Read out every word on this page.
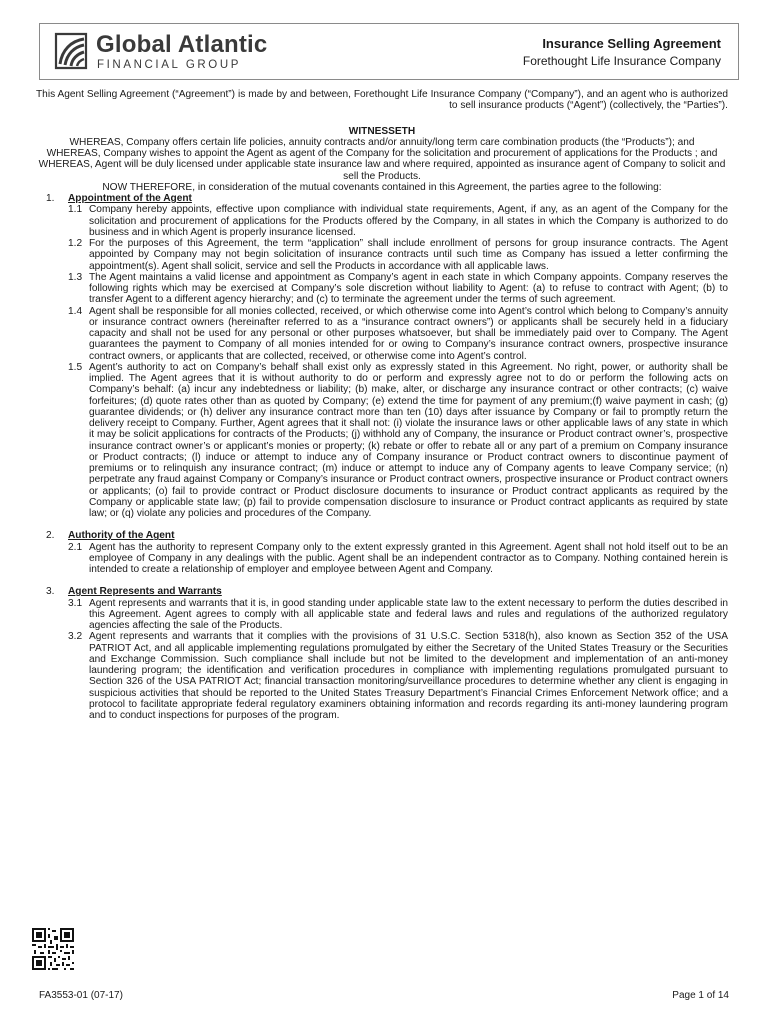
Global Atlantic
FINANCIAL GROUP
Insurance Selling Agreement
Forethought Life Insurance Company

This Agent Selling Agreement (“Agreement”) is made by and between, Forethought Life Insurance Company (“Company”), and an agent who is authorized to sell insurance products (“Agent”) (collectively, the “Parties”).

WITNESSETH
WHEREAS, Company offers certain life policies, annuity contracts and/or annuity/long term care combination products (the “Products”); and
WHEREAS, Company wishes to appoint the Agent as agent of the Company for the solicitation and procurement of applications for the Products ; and
WHEREAS, Agent will be duly licensed under applicable state insurance law and where required, appointed as insurance agent of Company to solicit and sell the Products.
NOW THEREFORE, in consideration of the mutual covenants contained in this Agreement, the parties agree to the following:
1. Appointment of the Agent
1.1 Company hereby appoints, effective upon compliance with individual state requirements, Agent, if any, as an agent of the Company for the solicitation and procurement of applications for the Products offered by the Company, in all states in which the Company is authorized to do business and in which Agent is properly insurance licensed.
1.2 For the purposes of this Agreement, the term “application” shall include enrollment of persons for group insurance contracts. The Agent appointed by Company may not begin solicitation of insurance contracts until such time as Company has issued a letter confirming the appointment(s). Agent shall solicit, service and sell the Products in accordance with all applicable laws.
1.3 The Agent maintains a valid license and appointment as Company’s agent in each state in which Company appoints. Company reserves the following rights which may be exercised at Company’s sole discretion without liability to Agent: (a) to refuse to contract with Agent; (b) to transfer Agent to a different agency hierarchy; and (c) to terminate the agreement under the terms of such agreement.
1.4 Agent shall be responsible for all monies collected, received, or which otherwise come into Agent’s control which belong to Company’s annuity or insurance contract owners (hereinafter referred to as a “insurance contract owners”) or applicants shall be securely held in a fiduciary capacity and shall not be used for any personal or other purposes whatsoever, but shall be immediately paid over to Company. The Agent guarantees the payment to Company of all monies intended for or owing to Company’s insurance contract owners, prospective insurance contract owners, or applicants that are collected, received, or otherwise come into Agent’s control.
1.5 Agent’s authority to act on Company’s behalf shall exist only as expressly stated in this Agreement. No right, power, or authority shall be implied. The Agent agrees that it is without authority to do or perform and expressly agree not to do or perform the following acts on Company’s behalf: (a) incur any indebtedness or liability; (b) make, alter, or discharge any insurance contract or other contracts; (c) waive forfeitures; (d) quote rates other than as quoted by Company; (e) extend the time for payment of any premium;(f) waive payment in cash; (g) guarantee dividends; or (h) deliver any insurance contract more than ten (10) days after issuance by Company or fail to promptly return the delivery receipt to Company. Further, Agent agrees that it shall not: (i) violate the insurance laws or other applicable laws of any state in which it may be solicit applications for contracts of the Products; (j) withhold any of Company, the insurance or Product contract owner’s, prospective insurance contract owner’s or applicant’s monies or property; (k) rebate or offer to rebate all or any part of a premium on Company insurance or Product contracts; (l) induce or attempt to induce any of Company insurance or Product contract owners to discontinue payment of premiums or to relinquish any insurance contract; (m) induce or attempt to induce any of Company agents to leave Company service; (n) perpetrate any fraud against Company or Company’s insurance or Product contract owners, prospective insurance or Product contract owners or applicants; (o) fail to provide contract or Product disclosure documents to insurance or Product contract applicants as required by the Company or applicable state law; (p) fail to provide compensation disclosure to insurance or Product contract applicants as required by state law; or (q) violate any policies and procedures of the Company.
2. Authority of the Agent
2.1 Agent has the authority to represent Company only to the extent expressly granted in this Agreement. Agent shall not hold itself out to be an employee of Company in any dealings with the public. Agent shall be an independent contractor as to Company. Nothing contained herein is intended to create a relationship of employer and employee between Agent and Company.
3. Agent Represents and Warrants
3.1 Agent represents and warrants that it is, in good standing under applicable state law to the extent necessary to perform the duties described in this Agreement. Agent agrees to comply with all applicable state and federal laws and rules and regulations of the authorized regulatory agencies affecting the sale of the Products.
3.2 Agent represents and warrants that it complies with the provisions of 31 U.S.C. Section 5318(h), also known as Section 352 of the USA PATRIOT Act, and all applicable implementing regulations promulgated by either the Secretary of the United States Treasury or the Securities and Exchange Commission. Such compliance shall include but not be limited to the development and implementation of an anti-money laundering program; the identification and verification procedures in compliance with implementing regulations promulgated pursuant to Section 326 of the USA PATRIOT Act; financial transaction monitoring/surveillance procedures to determine whether any client is engaging in suspicious activities that should be reported to the United States Treasury Department’s Financial Crimes Enforcement Network office; and a protocol to facilitate appropriate federal regulatory examiners obtaining information and records regarding its anti-money laundering program and to conduct inspections for purposes of the program.
FA3553-01 (07-17)	Page 1 of 14
